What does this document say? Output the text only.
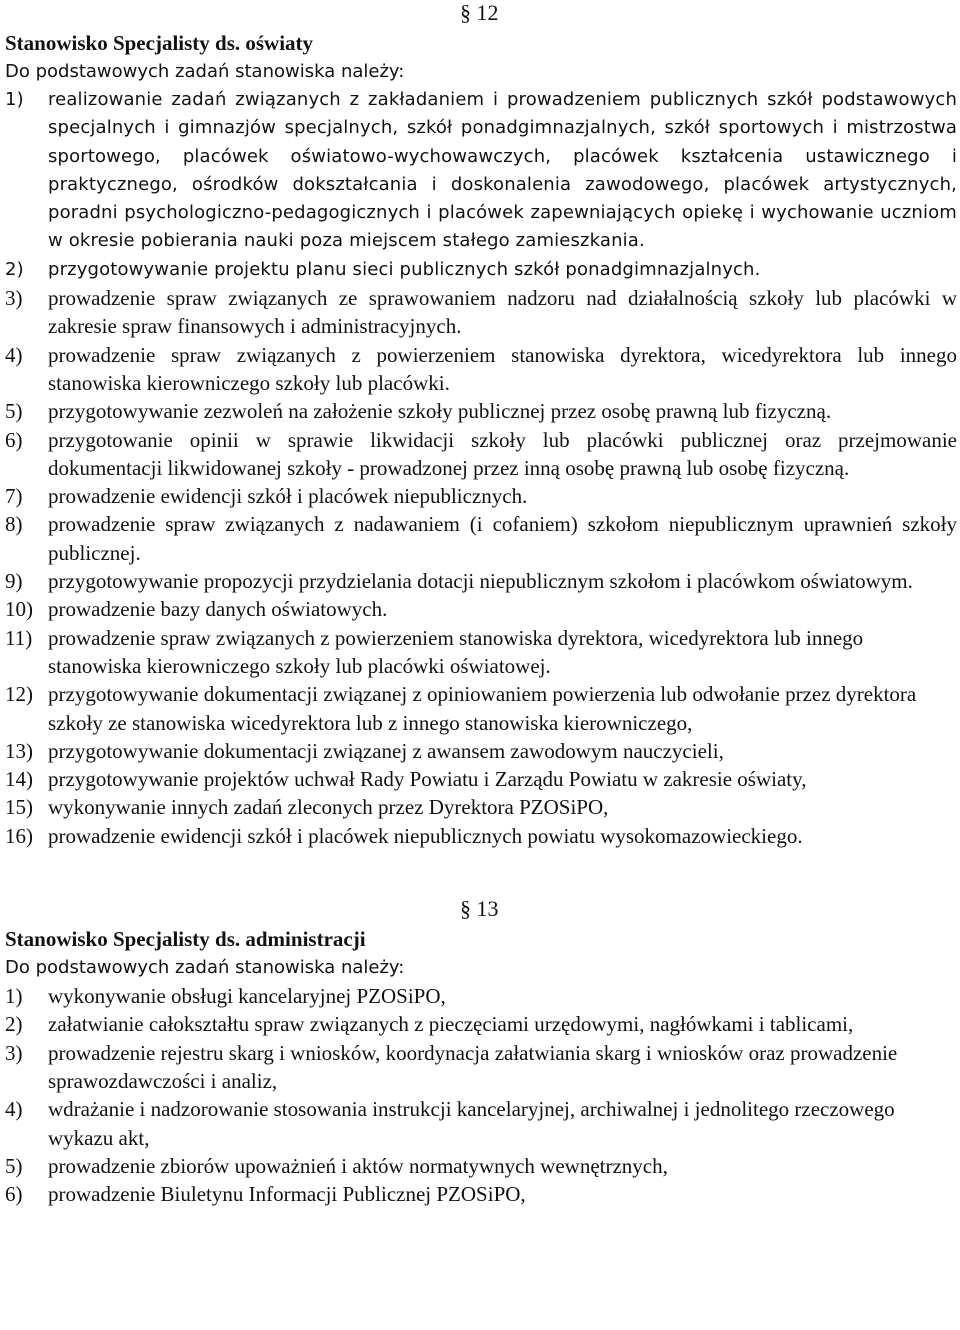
§ 12
Stanowisko Specjalisty ds. oświaty
Do podstawowych zadań stanowiska należy:
1) realizowanie zadań związanych z zakładaniem i prowadzeniem publicznych szkół podstawowych specjalnych i gimnazjów specjalnych, szkół ponadgimnazjalnych, szkół sportowych i mistrzostwa sportowego, placówek oświatowo-wychowawczych, placówek kształcenia ustawicznego i praktycznego, ośrodków dokształcania i doskonalenia zawodowego, placówek artystycznych, poradni psychologiczno-pedagogicznych i placówek zapewniających opiekę i wychowanie uczniom w okresie pobierania nauki poza miejscem stałego zamieszkania.
2) przygotowywanie projektu planu sieci publicznych szkół ponadgimnazjalnych.
3) prowadzenie spraw związanych ze sprawowaniem nadzoru nad działalnością szkoły lub placówki w zakresie spraw finansowych i administracyjnych.
4) prowadzenie spraw związanych z powierzeniem stanowiska dyrektora, wicedyrektora lub innego stanowiska kierowniczego szkoły lub placówki.
5) przygotowywanie zezwoleń na założenie szkoły publicznej przez osobę prawną lub fizyczną.
6) przygotowanie opinii w sprawie likwidacji szkoły lub placówki publicznej oraz przejmowanie dokumentacji likwidowanej szkoły - prowadzonej przez inną osobę prawną lub osobę fizyczną.
7) prowadzenie ewidencji szkół i placówek niepublicznych.
8) prowadzenie spraw związanych z nadawaniem (i cofaniem) szkołom niepublicznym uprawnień szkoły publicznej.
9) przygotowywanie propozycji przydzielania dotacji niepublicznym szkołom i placówkom oświatowym.
10) prowadzenie bazy danych oświatowych.
11) prowadzenie spraw związanych z powierzeniem stanowiska dyrektora, wicedyrektora lub innego stanowiska kierowniczego szkoły lub placówki oświatowej.
12) przygotowywanie dokumentacji związanej z opiniowaniem powierzenia lub odwołanie przez dyrektora szkoły ze stanowiska wicedyrektora lub z innego stanowiska kierowniczego,
13) przygotowywanie dokumentacji związanej z awansem zawodowym nauczycieli,
14) przygotowywanie projektów uchwał Rady Powiatu i Zarządu Powiatu w zakresie oświaty,
15) wykonywanie innych zadań zleconych przez Dyrektora PZOSiPO,
16) prowadzenie ewidencji szkół i placówek niepublicznych powiatu wysokomazowieckiego.
§ 13
Stanowisko Specjalisty ds. administracji
Do podstawowych zadań stanowiska należy:
1) wykonywanie obsługi kancelaryjnej PZOSiPO,
2) załatwianie całokształtu spraw związanych z pieczęciami urzędowymi, nagłówkami i tablicami,
3) prowadzenie rejestru skarg i wniosków, koordynacja załatwiania skarg i wniosków oraz prowadzenie sprawozdawczości i analiz,
4) wdrażanie i nadzorowanie stosowania instrukcji kancelaryjnej, archiwalnej i jednolitego rzeczowego wykazu akt,
5) prowadzenie zbiorów upoważnień i aktów normatywnych wewnętrznych,
6) prowadzenie Biuletynu Informacji Publicznej PZOSiPO,
